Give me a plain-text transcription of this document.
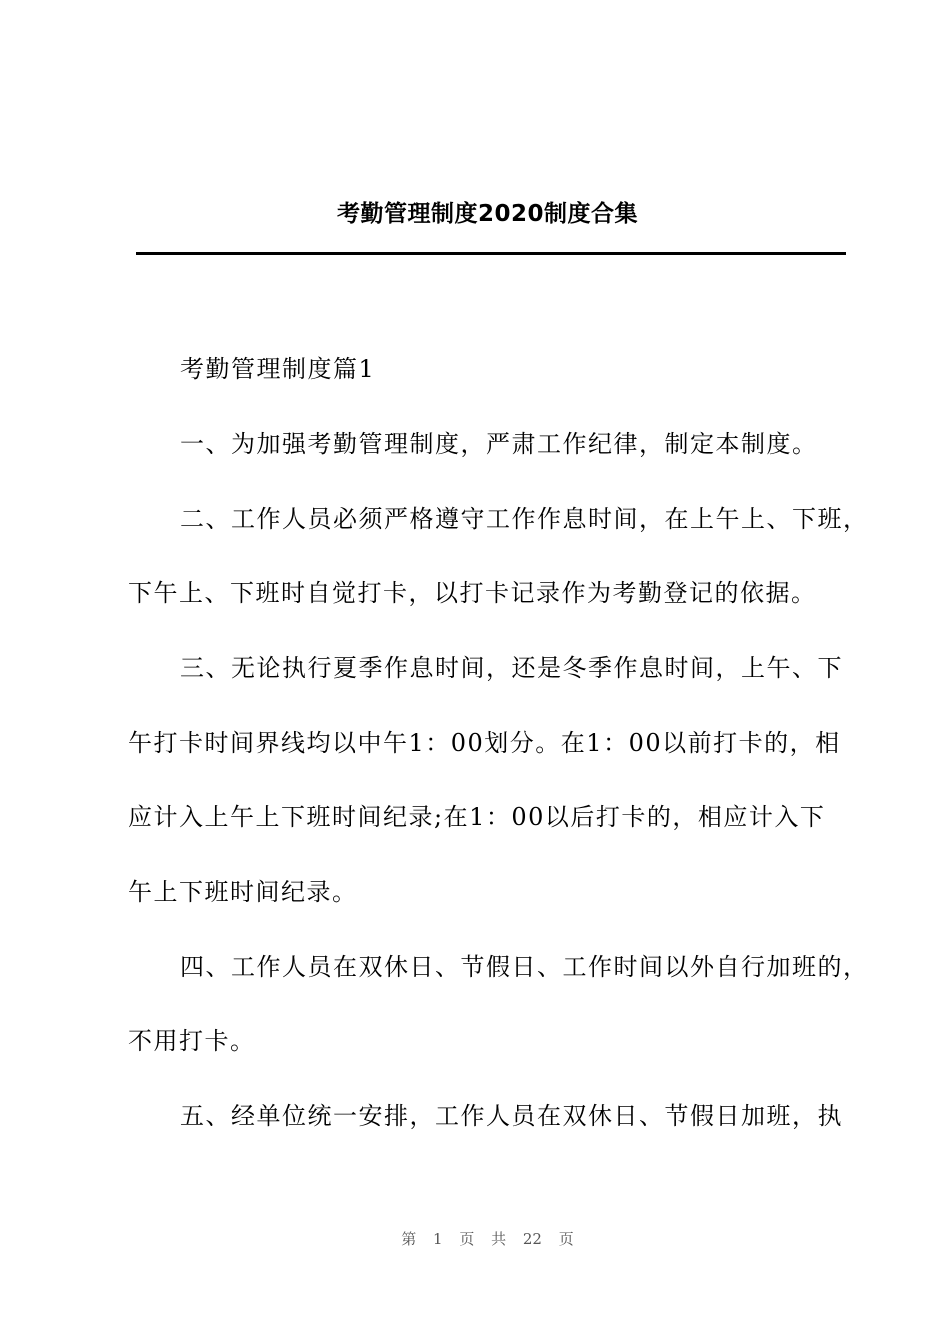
考勤管理制度2020制度合集
考勤管理制度篇1
一、为加强考勤管理制度，严肃工作纪律，制定本制度。
二、工作人员必须严格遵守工作作息时间，在上午上、下班，
下午上、下班时自觉打卡，以打卡记录作为考勤登记的依据。
三、无论执行夏季作息时间，还是冬季作息时间，上午、下
午打卡时间界线均以中午1：00划分。在1：00以前打卡的，相
应计入上午上下班时间纪录;在1：00以后打卡的，相应计入下
午上下班时间纪录。
四、工作人员在双休日、节假日、工作时间以外自行加班的，
不用打卡。
五、经单位统一安排，工作人员在双休日、节假日加班，执
第 1 页 共 22 页
